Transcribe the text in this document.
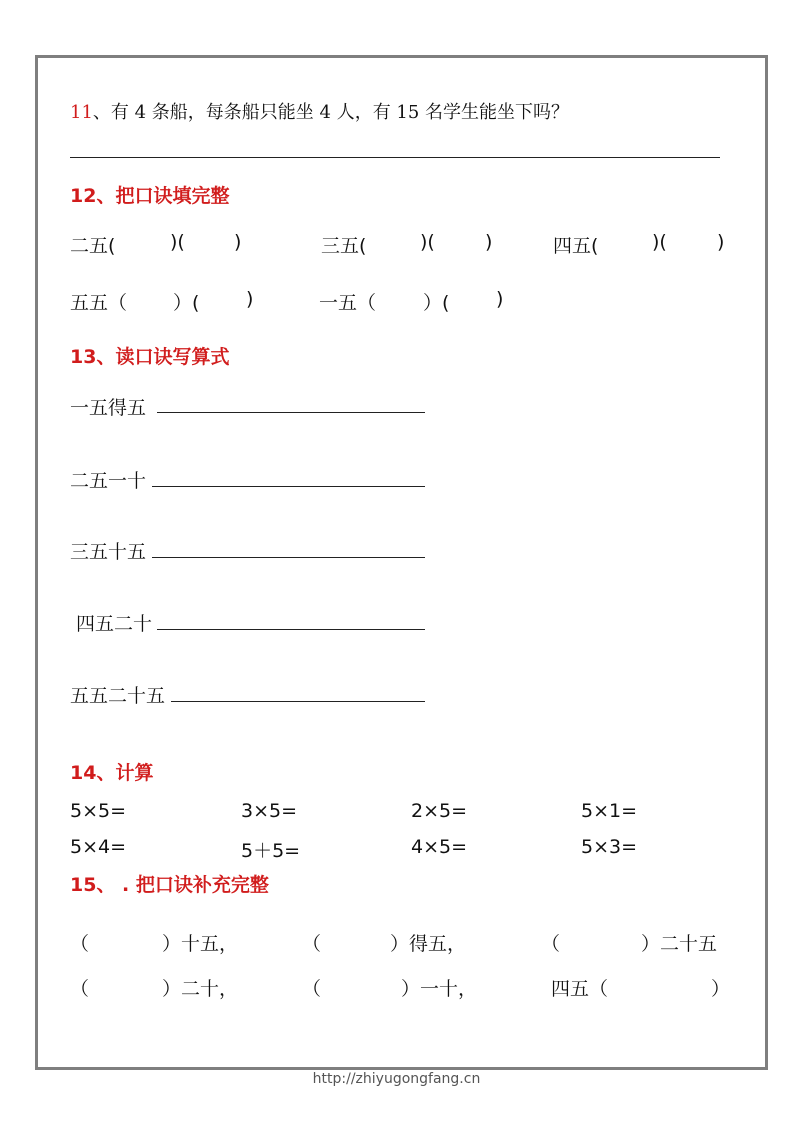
11、有 4 条船，每条船只能坐 4 人，有 15 名学生能坐下吗？
12、把口诀填完整
二五(	)(	)	三五(	)(	)	四五(	)(	)
五五（ ）( )	一五（ ）( )
13、读口诀写算式
一五得五
二五一十
三五十五
四五二十
五五二十五
14、计算
5×5=	3×5=	2×5=	5×1=
5×4=	5＋5=	4×5=	5×3=
15、 . 把口诀补充完整
（	）十五，	（	）得五，	（	）二十五
（	）二十，	（	）一十，	四五（	）
http://zhiyugongfang.cn
